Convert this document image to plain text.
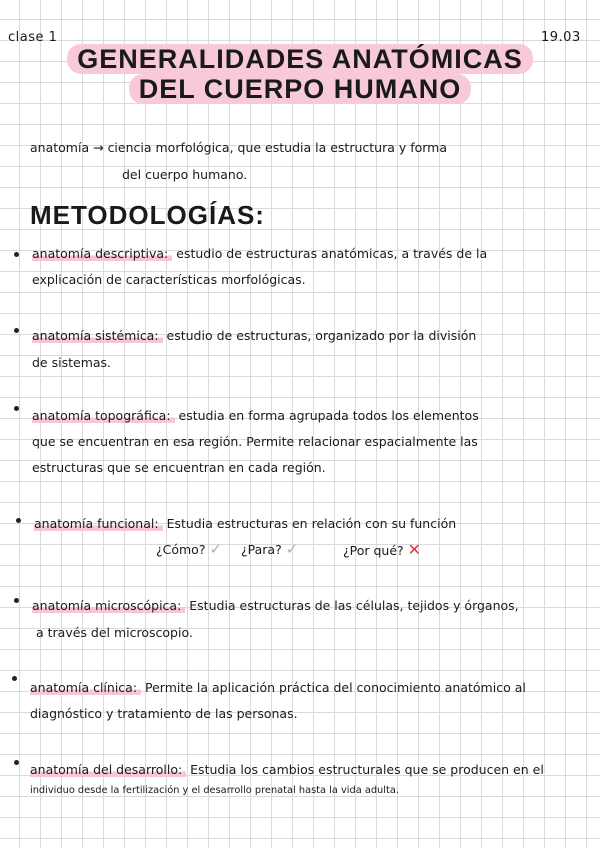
clase 1	19.03
GENERALIDADES ANATÓMICAS
DEL CUERPO HUMANO
anatomía → ciencia morfológica, que estudia la estructura y forma
del cuerpo humano.
METODOLOGÍAS:
anatomía descriptiva: estudio de estructuras anatómicas, a través de la
explicación de características morfológicas.
anatomía sistémica: estudio de estructuras, organizado por la división
de sistemas.
anatomía topográfica: estudia en forma agrupada todos los elementos
que se encuentran en esa región. Permite relacionar espacialmente las
estructuras que se encuentran en cada región.
anatomía funcional: Estudia estructuras en relación con su función
¿Cómo? ✓ ¿Para? ✓	¿Por qué? ✕
anatomía microscópica: Estudia estructuras de las células, tejidos y órganos,
a través del microscopio.
anatomía clínica: Permite la aplicación práctica del conocimiento anatómico al
diagnóstico y tratamiento de las personas.
anatomía del desarrollo: Estudia los cambios estructurales que se producen en el
individuo desde la fertilización y el desarrollo prenatal hasta la vida adulta.
